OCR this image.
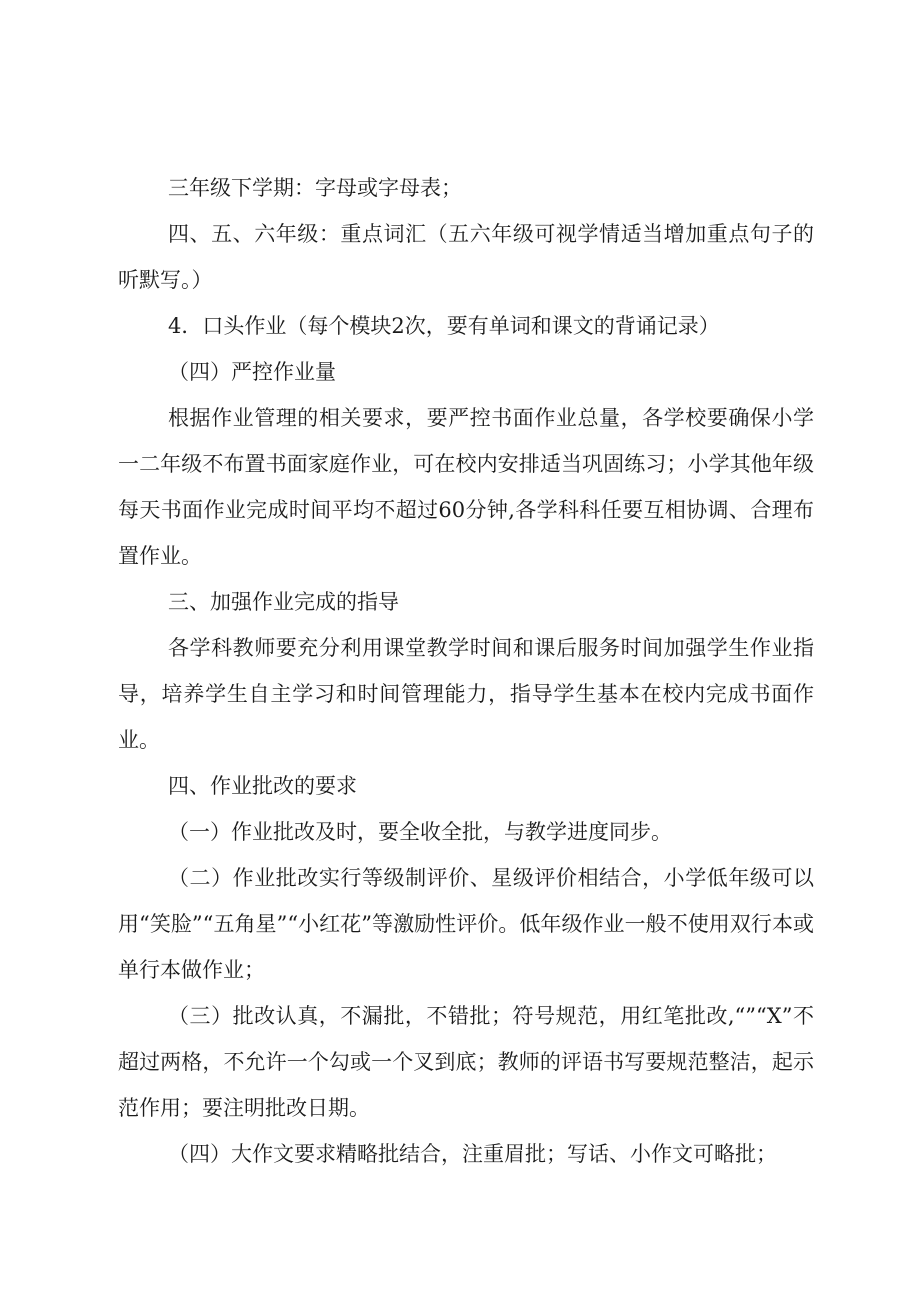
三年级下学期：字母或字母表；

四、五、六年级：重点词汇（五六年级可视学情适当增加重点句子的听默写。）

4．口头作业（每个模块2次，要有单词和课文的背诵记录）

（四）严控作业量

根据作业管理的相关要求，要严控书面作业总量，各学校要确保小学一二年级不布置书面家庭作业，可在校内安排适当巩固练习；小学其他年级每天书面作业完成时间平均不超过60分钟,各学科科任要互相协调、合理布置作业。

三、加强作业完成的指导

各学科教师要充分利用课堂教学时间和课后服务时间加强学生作业指导，培养学生自主学习和时间管理能力，指导学生基本在校内完成书面作业。

四、作业批改的要求

（一）作业批改及时，要全收全批，与教学进度同步。

（二）作业批改实行等级制评价、星级评价相结合，小学低年级可以用“笑脸”“五角星”“小红花”等激励性评价。低年级作业一般不使用双行本或单行本做作业；

（三）批改认真，不漏批，不错批；符号规范，用红笔批改,“”“X”不超过两格，不允许一个勾或一个叉到底；教师的评语书写要规范整洁，起示范作用；要注明批改日期。

（四）大作文要求精略批结合，注重眉批；写话、小作文可略批；
